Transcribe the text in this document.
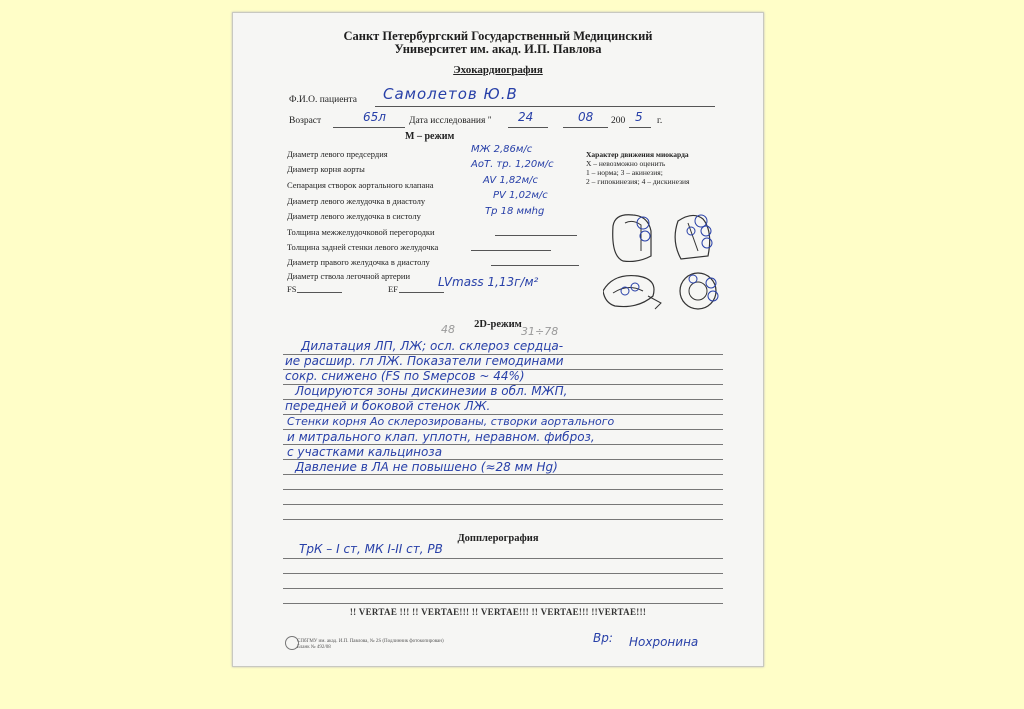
Санкт Петербургский Государственный Медицинский
Университет им. акад. И.П. Павлова
Эхокардиография
Ф.И.О. пациента Самолетов Ю.В
Возраст	65л Дата исследования " 24	08 200 5 г.
М – режим
Диаметр левого предсердия	МЖ 2,86м/с
Диаметр корня аорты	АоТ. тр. 1,20м/с
Сепарация створок аортального клапана	AV 1,82м/с
Диаметр левого желудочка в диастолу	PV 1,02м/с
Диаметр левого желудочка в систолу	Тр 18 ммhg
Толщина межжелудочковой перегородки
Толщина задней стенки левого желудочка
Диаметр правого желудочка в диастолу
Диаметр ствола легочной артерии
FS	EF	LVmass 1,13г/м²
Характер движения миокарда
Х – невозможно оценить
1 – норма; 3 – акинезия;
2 – гипокинезия; 4 – дискинезия
2D-режим
48	31÷78
Дилатация ЛП, ЛЖ; осл. склероз сердца-
ие расшир. гл ЛЖ. Показатели гемодинами
сокр. снижено (FS по Sмерсов ~ 44%)
Лоцируются зоны дискинезии в обл. МЖП,
передней и боковой стенок ЛЖ.
Стенки корня Ао склерозированы, створки аортального
и митрального клап. уплотн, неравном. фиброз,
с участками кальциноза
Давление в ЛА не повышено (≈28 мм Hg)
Допплерография
ТрК – I ст, МК I-II ст, PВ
!! VERTAE !!! !! VERTAE!!! !! VERTAE!!! !! VERTAE!!! !!VERTAE!!!
СПбГМУ им. акад. И.П. Павлова, № 2S (Подлинник фотокопирован)
Бланк № 492/08
Вр: Нохронина
